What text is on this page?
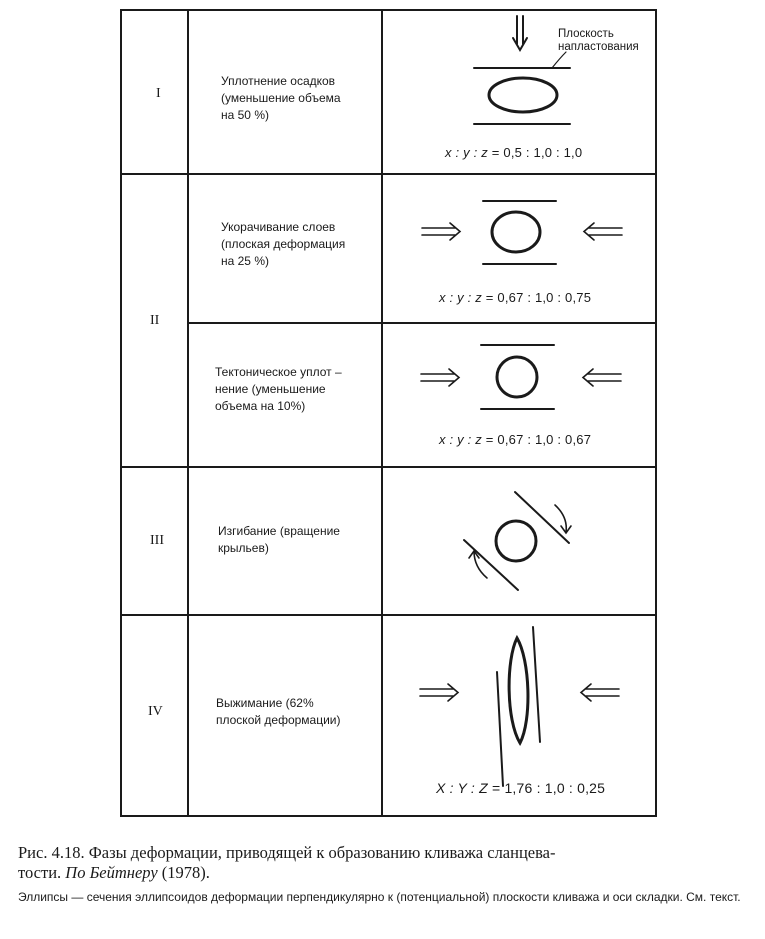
I
II
III
IV
Уплотнение осадков
(уменьшение объема
на 50 %)
Укорачивание слоев
(плоская деформация
на 25 %)
Тектоническое уплот –
нение (уменьшение
объема на 10%)
Изгибание (вращение
крыльев)
Выжимание (62%
плоской деформации)
x : y : z = 0,5 : 1,0 : 1,0
x : y : z = 0,67 : 1,0 : 0,75
x : y : z = 0,67 : 1,0 : 0,67
X : Y : Z = 1,76 : 1,0 : 0,25
Плоскость
напластования
Рис. 4.18. Фазы деформации, приводящей к образованию кливажа сланцева-
тости. По Бейтнеру (1978).
Эллипсы — сечения эллипсоидов деформации перпендикулярно к (потенциальной) плоскости кливажа и оси складки. См. текст.
